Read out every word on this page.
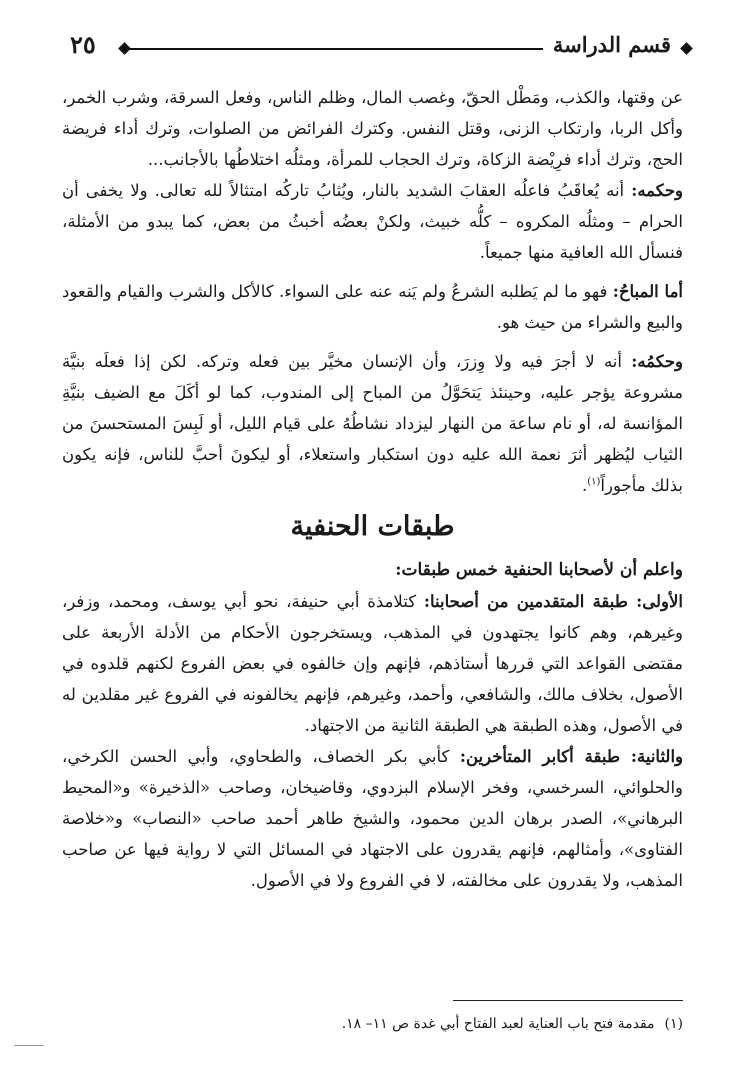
قسم الدراسة
٢٥

عن وقتها، والكذب، ومَطْل الحقّ، وغصب المال، وظلم الناس، وفعل السرقة، وشرب الخمر، وأكل الربا، وارتكاب الزنى، وقتل النفس. وكترك الفرائض من الصلوات، وترك أداء فريضة الحج، وترك أداء فرِيْضة الزكاة، وترك الحجاب للمرأة، ومثلُه اختلاطُها بالأجانب...

وحكمه: أنه يُعاقَبُ فاعلُه العقابَ الشديد بالنار، ويُثابُ تاركُه امتثالاً لله تعالى. ولا يخفى أن الحرام – ومثلُه المكروه – كلُّه خبيث، ولكنْ بعضُه أخبثُ من بعض، كما يبدو من الأمثلة، فنسأل الله العافية منها جميعاً.

أما المباحُ: فهو ما لم يَطلبه الشرعُ ولم يَنه عنه على السواء. كالأكل والشرب والقيام والقعود والبيع والشراء من حيث هو.

وحكمُه: أنه لا أجرَ فيه ولا وِزرَ، وأن الإنسان مخيَّر بين فعله وتركه. لكن إذا فعلَه بنيَّة مشروعة يؤجر عليه، وحينئذ يَتحَوَّلُ من المباح إلى المندوب، كما لو أكَلَ مع الضيف بنيَّةِ المؤانسة له، أو نام ساعة من النهار ليزداد نشاطُهُ على قيام الليل، أو لَبِسَ المستحسنَ من الثياب ليُظهر أثرَ نعمة الله عليه دون استكبار واستعلاء، أو ليكونَ أحبَّ للناس، فإنه يكون بذلك مأجوراً$^{(١)}$.

طبقات الحنفية

واعلم أن لأصحابنا الحنفية خمس طبقات:

الأولى: طبقة المتقدمين من أصحابنا: كتلامذة أبي حنيفة، نحو أبي يوسف، ومحمد، وزفر، وغيرهم، وهم كانوا يجتهدون في المذهب، ويستخرجون الأحكام من الأدلة الأربعة على مقتضى القواعد التي قررها أستاذهم، فإنهم وإن خالفوه في بعض الفروع لكنهم قلدوه في الأصول، بخلاف مالك، والشافعي، وأحمد، وغيرهم، فإنهم يخالفونه في الفروع غير مقلدين له في الأصول، وهذه الطبقة هي الطبقة الثانية من الاجتهاد.

والثانية: طبقة أكابر المتأخرين: كأبي بكر الخصاف، والطحاوي، وأبي الحسن الكرخي، والحلوائي، السرخسي، وفخر الإسلام البزدوي، وقاضيخان، وصاحب «الذخيرة» و«المحيط البرهاني»، الصدر برهان الدين محمود، والشيخ طاهر أحمد صاحب «النصاب» و«خلاصة الفتاوى»، وأمثالهم، فإنهم يقدرون على الاجتهاد في المسائل التي لا رواية فيها عن صاحب المذهب، ولا يقدرون على مخالفته، لا في الفروع ولا في الأصول.

(١)مقدمة فتح باب العناية لعبد الفتاح أبي غدة ص ١١– ١٨.
